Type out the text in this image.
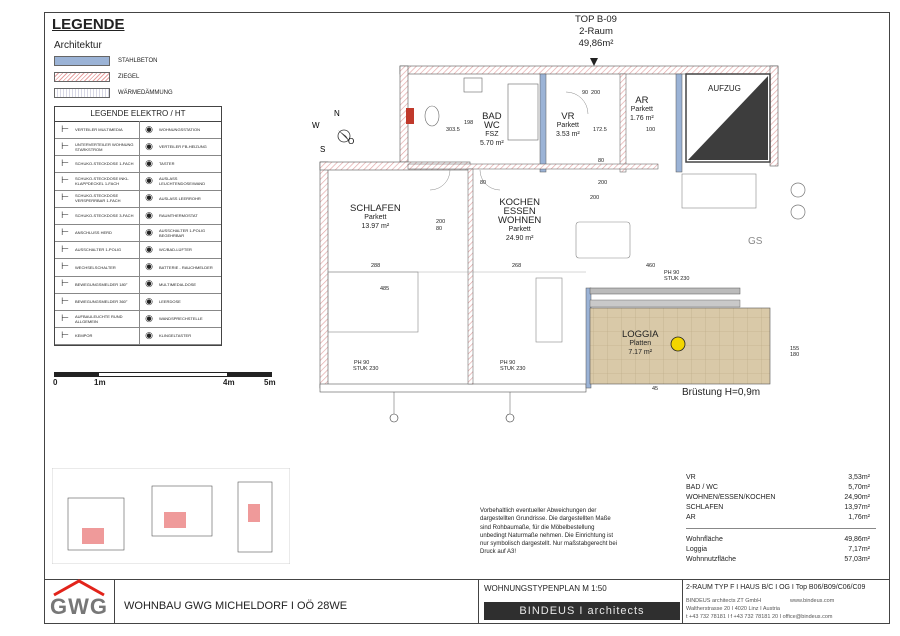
LEGENDE
Architektur
STAHLBETON
ZIEGEL
WÄRMEDÄMMUNG
LEGENDE ELEKTRO / HT
⊢	VERTEILER MULTIMEDIA	◉	WOHNUNGSSTATION
⊢	UNTERVERTEILER WOHNUNG STARKSTROM	◉	VERTEILER FB-HEIZUNG
⊢	SCHUKO-STECKDOSE 1-FACH	◉	TASTER
⊢	SCHUKO-STECKDOSE INKL. KLAPPDECKEL 1-FACH	◉	AUSLASS LEUCHTENDOSE/WAND
⊢	SCHUKO-STECKDOSE VERSPERRBAR 1-FACH	◉	AUSLASS LEERROHR
⊢	SCHUKO-STECKDOSE 3-FACH	◉	RAUMTHERMOSTAT
⊢	ANSCHLUSS HERD	◉	AUSSCHALTER 1-POLIG BEGEHRBAR
⊢	AUSSCHALTER 1-POLIG	◉	WC/BAD-LÜFTER
⊢	WECHSELSCHALTER	◉	BATTERIE - RAUCHMELDER
⊢	BEWEGUNGSMELDER 180°	◉	MULTIMEDIA-DOSE
⊢	BEWEGUNGSMELDER 360°	◉	LEERDOSE
⊢	AUFBAULEUCHTE RUND ALLGEMEIN	◉	WANDSPRECHSTELLE
⊢	KEMPOR	◉	KLINGELTASTER
0	1m	4m	5m
TOP B-09
2-Raum
49,86m²
N
W
O
S
BAD
WC
FSZ
5.70 m²
VR
Parkett
3.53 m²
AR
Parkett
1.76 m²
AUFZUG
SCHLAFEN
Parkett
13.97 m²
KOCHEN
ESSEN
WOHNEN
Parkett
24.90 m²
LOGGIA
Platten
7.17 m²
303.5	172.5	100
198
200
90
80
200
80
200
80
200
288	268	460
485
PH 90
STUK 230
PH 90
STUK 230
PH 90
STUK 230
155
180
45
GS
Brüstung H=0,9m
Vorbehaltlich eventueller Abweichungen der dargestellten Grundrisse. Die dargestellten Maße sind Rohbaumaße, für die Möbelbestellung unbedingt Naturmaße nehmen. Die Einrichtung ist nur symbolisch dargestellt. Nur maßstabgerecht bei Druck auf A3!
VR	3,53m²
BAD / WC	5,70m²
WOHNEN/ESSEN/KOCHEN	24,90m²
SCHLAFEN	13,97m²
AR	1,76m²
Wohnfläche	49,86m²
Loggia	7,17m²
Wohnnutzfläche	57,03m²
GWG WOHNBAU GWG MICHELDORF I OÖ 28WE
WOHNUNGSTYPENPLAN M 1:50
BINDEUS I architects
2-RAUM TYP F I HAUS B/C I OG I Top B06/B09/C06/C09
BINDEUS architects ZT GmbH	www.bindeus.com
Waltherstrasse 20 I 4020 Linz I Austria
t +43 732 78181 I f +43 732 78181 20 I office@bindeus.com
